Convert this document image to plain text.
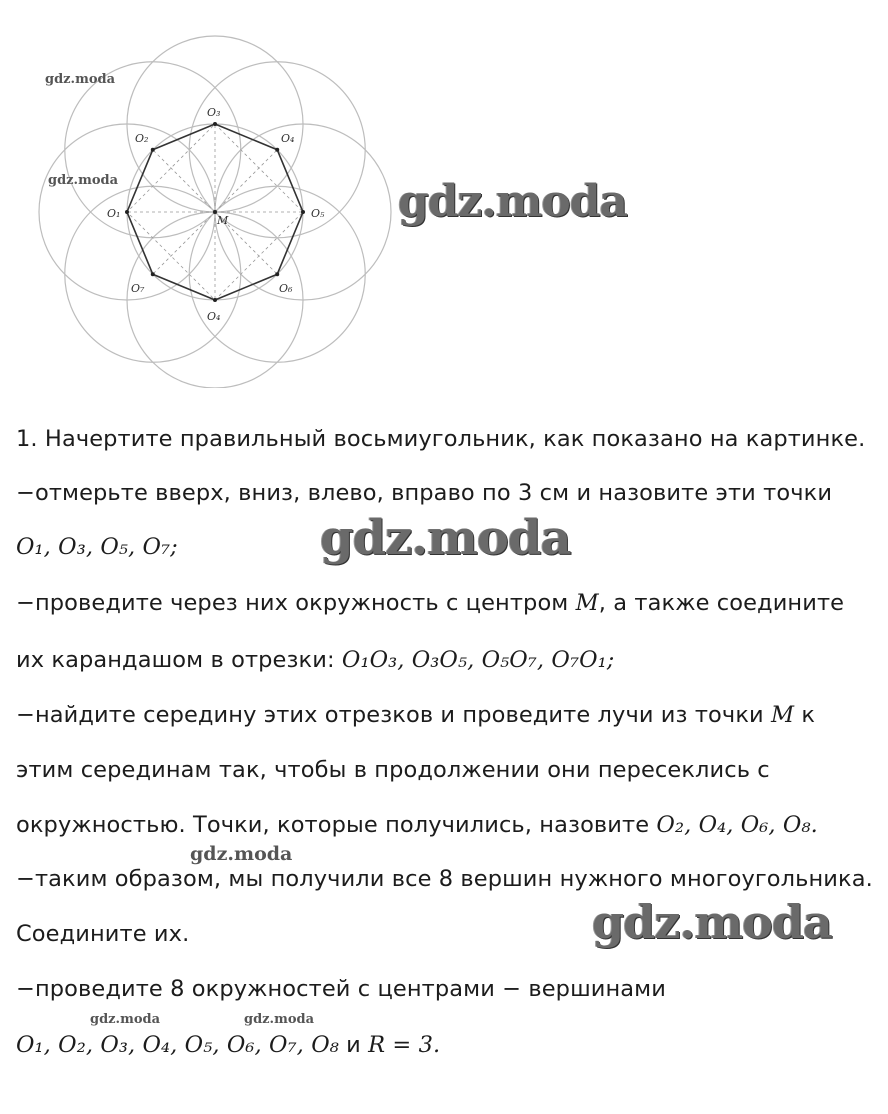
O₃
O₄
O₂
O₁	O₅
M
O₇	O₆
O₄
gdz.moda
gdz.moda	gdz.moda
1. Начертите правильный восьмиугольник, как показано на картинке.
−отмерьте вверх, вниз, влево, вправо по 3 см и назовите эти точки
O₁, O₃, O₅, O₇;	gdz.moda
−проведите через них окружность с центром M, а также соедините
их карандашом в отрезки: O₁O₃, O₃O₅, O₅O₇, O₇O₁;
−найдите середину этих отрезков и проведите лучи из точки M к
этим серединам так, чтобы в продолжении они пересеклись с
окружностью. Точки, которые получились, назовите O₂, O₄, O₆, O₈.
gdz.moda
−таким образом, мы получили все 8 вершин нужного многоугольника.
gdz.moda
Соедините их.
−проведите 8 окружностей с центрами − вершинами
gdz.moda	gdz.moda
O₁, O₂, O₃, O₄, O₅, O₆, O₇, O₈ и R = 3.
